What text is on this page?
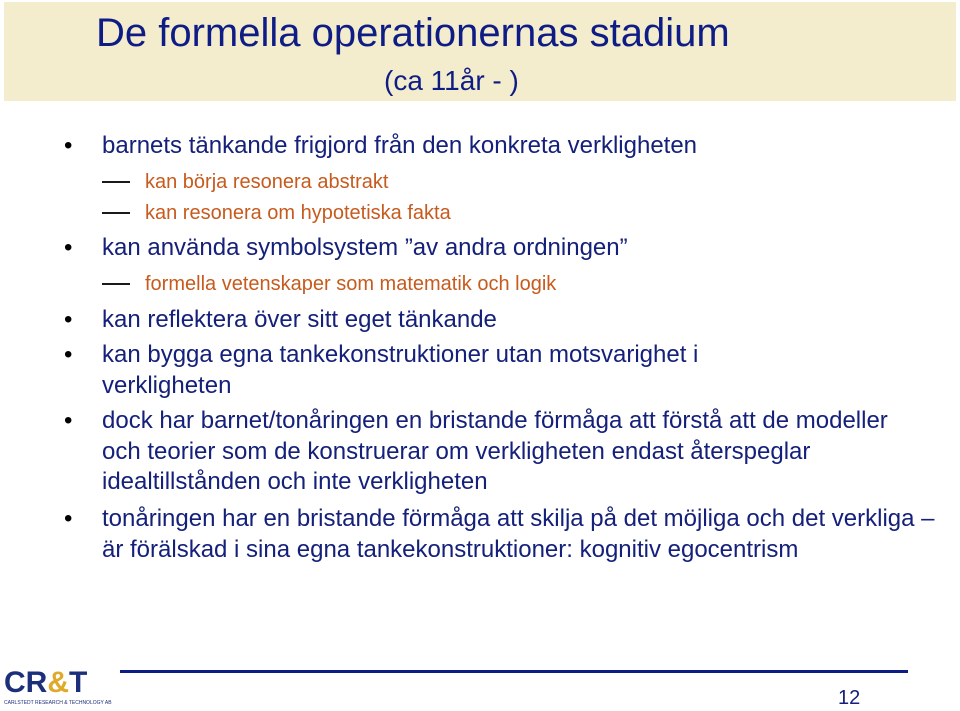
De formella operationernas stadium
(ca 11år - )
• barnets tänkande frigjord från den konkreta verkligheten
kan börja resonera abstrakt
kan resonera om hypotetiska fakta
• kan använda symbolsystem ”av andra ordningen”
formella vetenskaper som matematik och logik
• kan reflektera över sitt eget tänkande
• kan bygga egna tankekonstruktioner utan motsvarighet i verkligheten
• dock har barnet/tonåringen en bristande förmåga att förstå att de modeller och teorier som de konstruerar om verkligheten endast återspeglar idealtillstånden och inte verkligheten
• tonåringen har en bristande förmåga att skilja på det möjliga och det verkliga – är förälskad i sina egna tankekonstruktioner: kognitiv egocentrism
CR&T
CARLSTEDT RESEARCH & TECHNOLOGY AB	12
